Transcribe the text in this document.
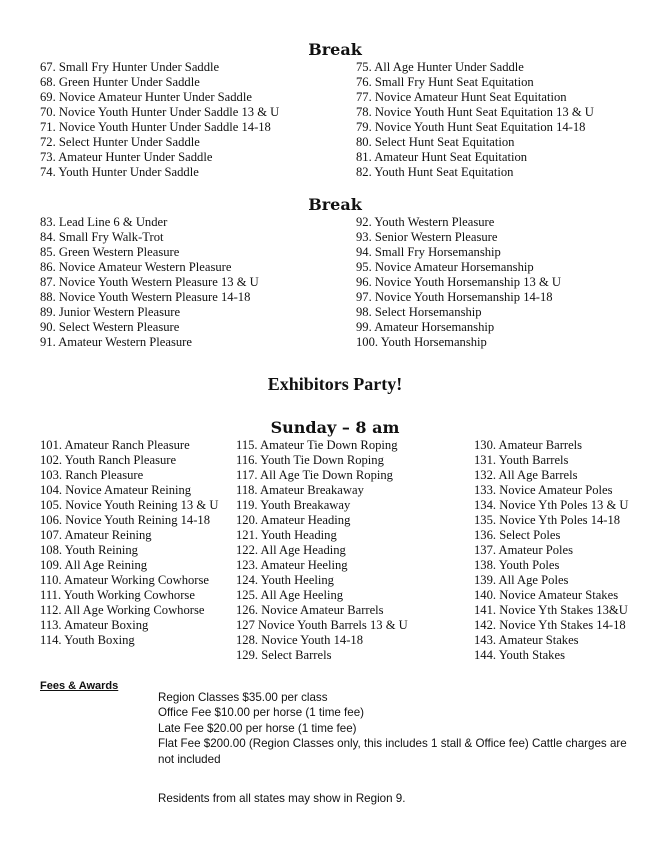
Break
67. Small Fry Hunter Under Saddle
68. Green Hunter Under Saddle
69. Novice Amateur Hunter Under Saddle
70. Novice Youth Hunter Under Saddle 13 & U
71. Novice Youth Hunter Under Saddle 14-18
72. Select Hunter Under Saddle
73. Amateur Hunter Under Saddle
74. Youth Hunter Under Saddle
75. All Age Hunter Under Saddle
76. Small Fry Hunt Seat Equitation
77. Novice Amateur Hunt Seat Equitation
78. Novice Youth Hunt Seat Equitation 13 & U
79. Novice Youth Hunt Seat Equitation 14-18
80. Select Hunt Seat Equitation
81. Amateur Hunt Seat Equitation
82. Youth Hunt Seat Equitation
Break
83. Lead Line 6 & Under
84. Small Fry Walk-Trot
85. Green Western Pleasure
86. Novice Amateur Western Pleasure
87. Novice Youth Western Pleasure 13 & U
88. Novice Youth Western Pleasure 14-18
89. Junior Western Pleasure
90. Select Western Pleasure
91. Amateur Western Pleasure
92. Youth Western Pleasure
93. Senior Western Pleasure
94. Small Fry Horsemanship
95. Novice Amateur Horsemanship
96. Novice Youth Horsemanship 13 & U
97. Novice Youth Horsemanship 14-18
98. Select Horsemanship
99. Amateur Horsemanship
100. Youth Horsemanship
Exhibitors Party!
Sunday – 8 am
101. Amateur Ranch Pleasure
102. Youth Ranch Pleasure
103. Ranch Pleasure
104. Novice Amateur Reining
105. Novice Youth Reining 13 & U
106. Novice Youth Reining 14-18
107. Amateur Reining
108. Youth Reining
109. All Age Reining
110. Amateur Working Cowhorse
111. Youth Working Cowhorse
112. All Age Working Cowhorse
113. Amateur Boxing
114. Youth Boxing
115. Amateur Tie Down Roping
116. Youth Tie Down Roping
117. All Age Tie Down Roping
118. Amateur Breakaway
119. Youth Breakaway
120. Amateur Heading
121. Youth Heading
122. All Age Heading
123. Amateur Heeling
124. Youth Heeling
125. All Age Heeling
126. Novice Amateur Barrels
127 Novice Youth Barrels 13 & U
128. Novice Youth 14-18
129. Select Barrels
130. Amateur Barrels
131. Youth Barrels
132. All Age Barrels
133. Novice Amateur Poles
134. Novice Yth Poles 13 & U
135. Novice Yth Poles 14-18
136. Select Poles
137. Amateur Poles
138. Youth Poles
139. All Age Poles
140. Novice Amateur Stakes
141. Novice Yth Stakes 13&U
142. Novice Yth Stakes 14-18
143. Amateur Stakes
144. Youth Stakes
Fees & Awards
Region Classes $35.00 per class
Office Fee $10.00 per horse (1 time fee)
Late Fee $20.00 per horse (1 time fee)
Flat Fee $200.00 (Region Classes only, this includes 1 stall & Office fee) Cattle charges are not included
Residents from all states may show in Region 9.
